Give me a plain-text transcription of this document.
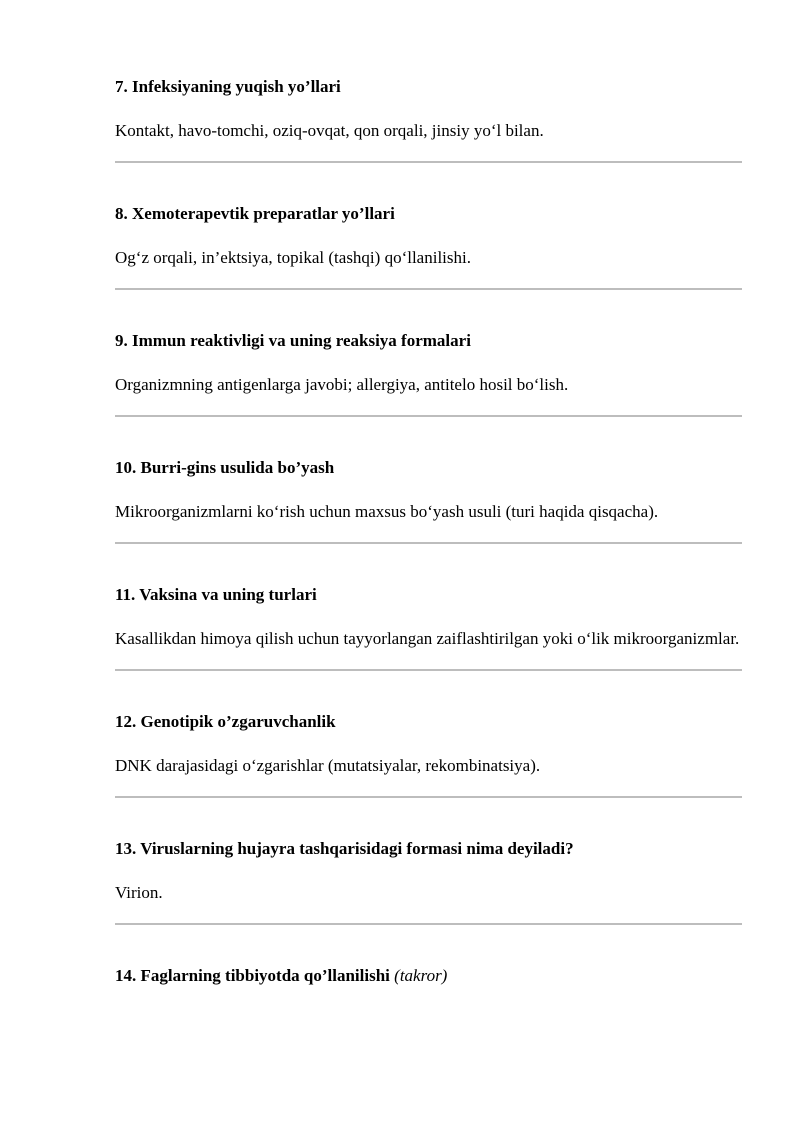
7. Infeksiyaning yuqish yo’llari

Kontakt, havo-tomchi, oziq-ovqat, qon orqali, jinsiy yo‘l bilan.

8. Xemoterapevtik preparatlar yo’llari

Og‘z orqali, in’ektsiya, topikal (tashqi) qo‘llanilishi.

9. Immun reaktivligi va uning reaksiya formalari

Organizmning antigenlarga javobi; allergiya, antitelo hosil bo‘lish.

10. Burri-gins usulida bo’yash

Mikroorganizmlarni ko‘rish uchun maxsus bo‘yash usuli (turi haqida qisqacha).

11. Vaksina va uning turlari

Kasallikdan himoya qilish uchun tayyorlangan zaiflashtirilgan yoki o‘lik mikroorganizmlar.

12. Genotipik o’zgaruvchanlik

DNK darajasidagi o‘zgarishlar (mutatsiyalar, rekombinatsiya).

13. Viruslarning hujayra tashqarisidagi formasi nima deyiladi?

Virion.

14. Faglarning tibbiyotda qo’llanilishi (takror)
